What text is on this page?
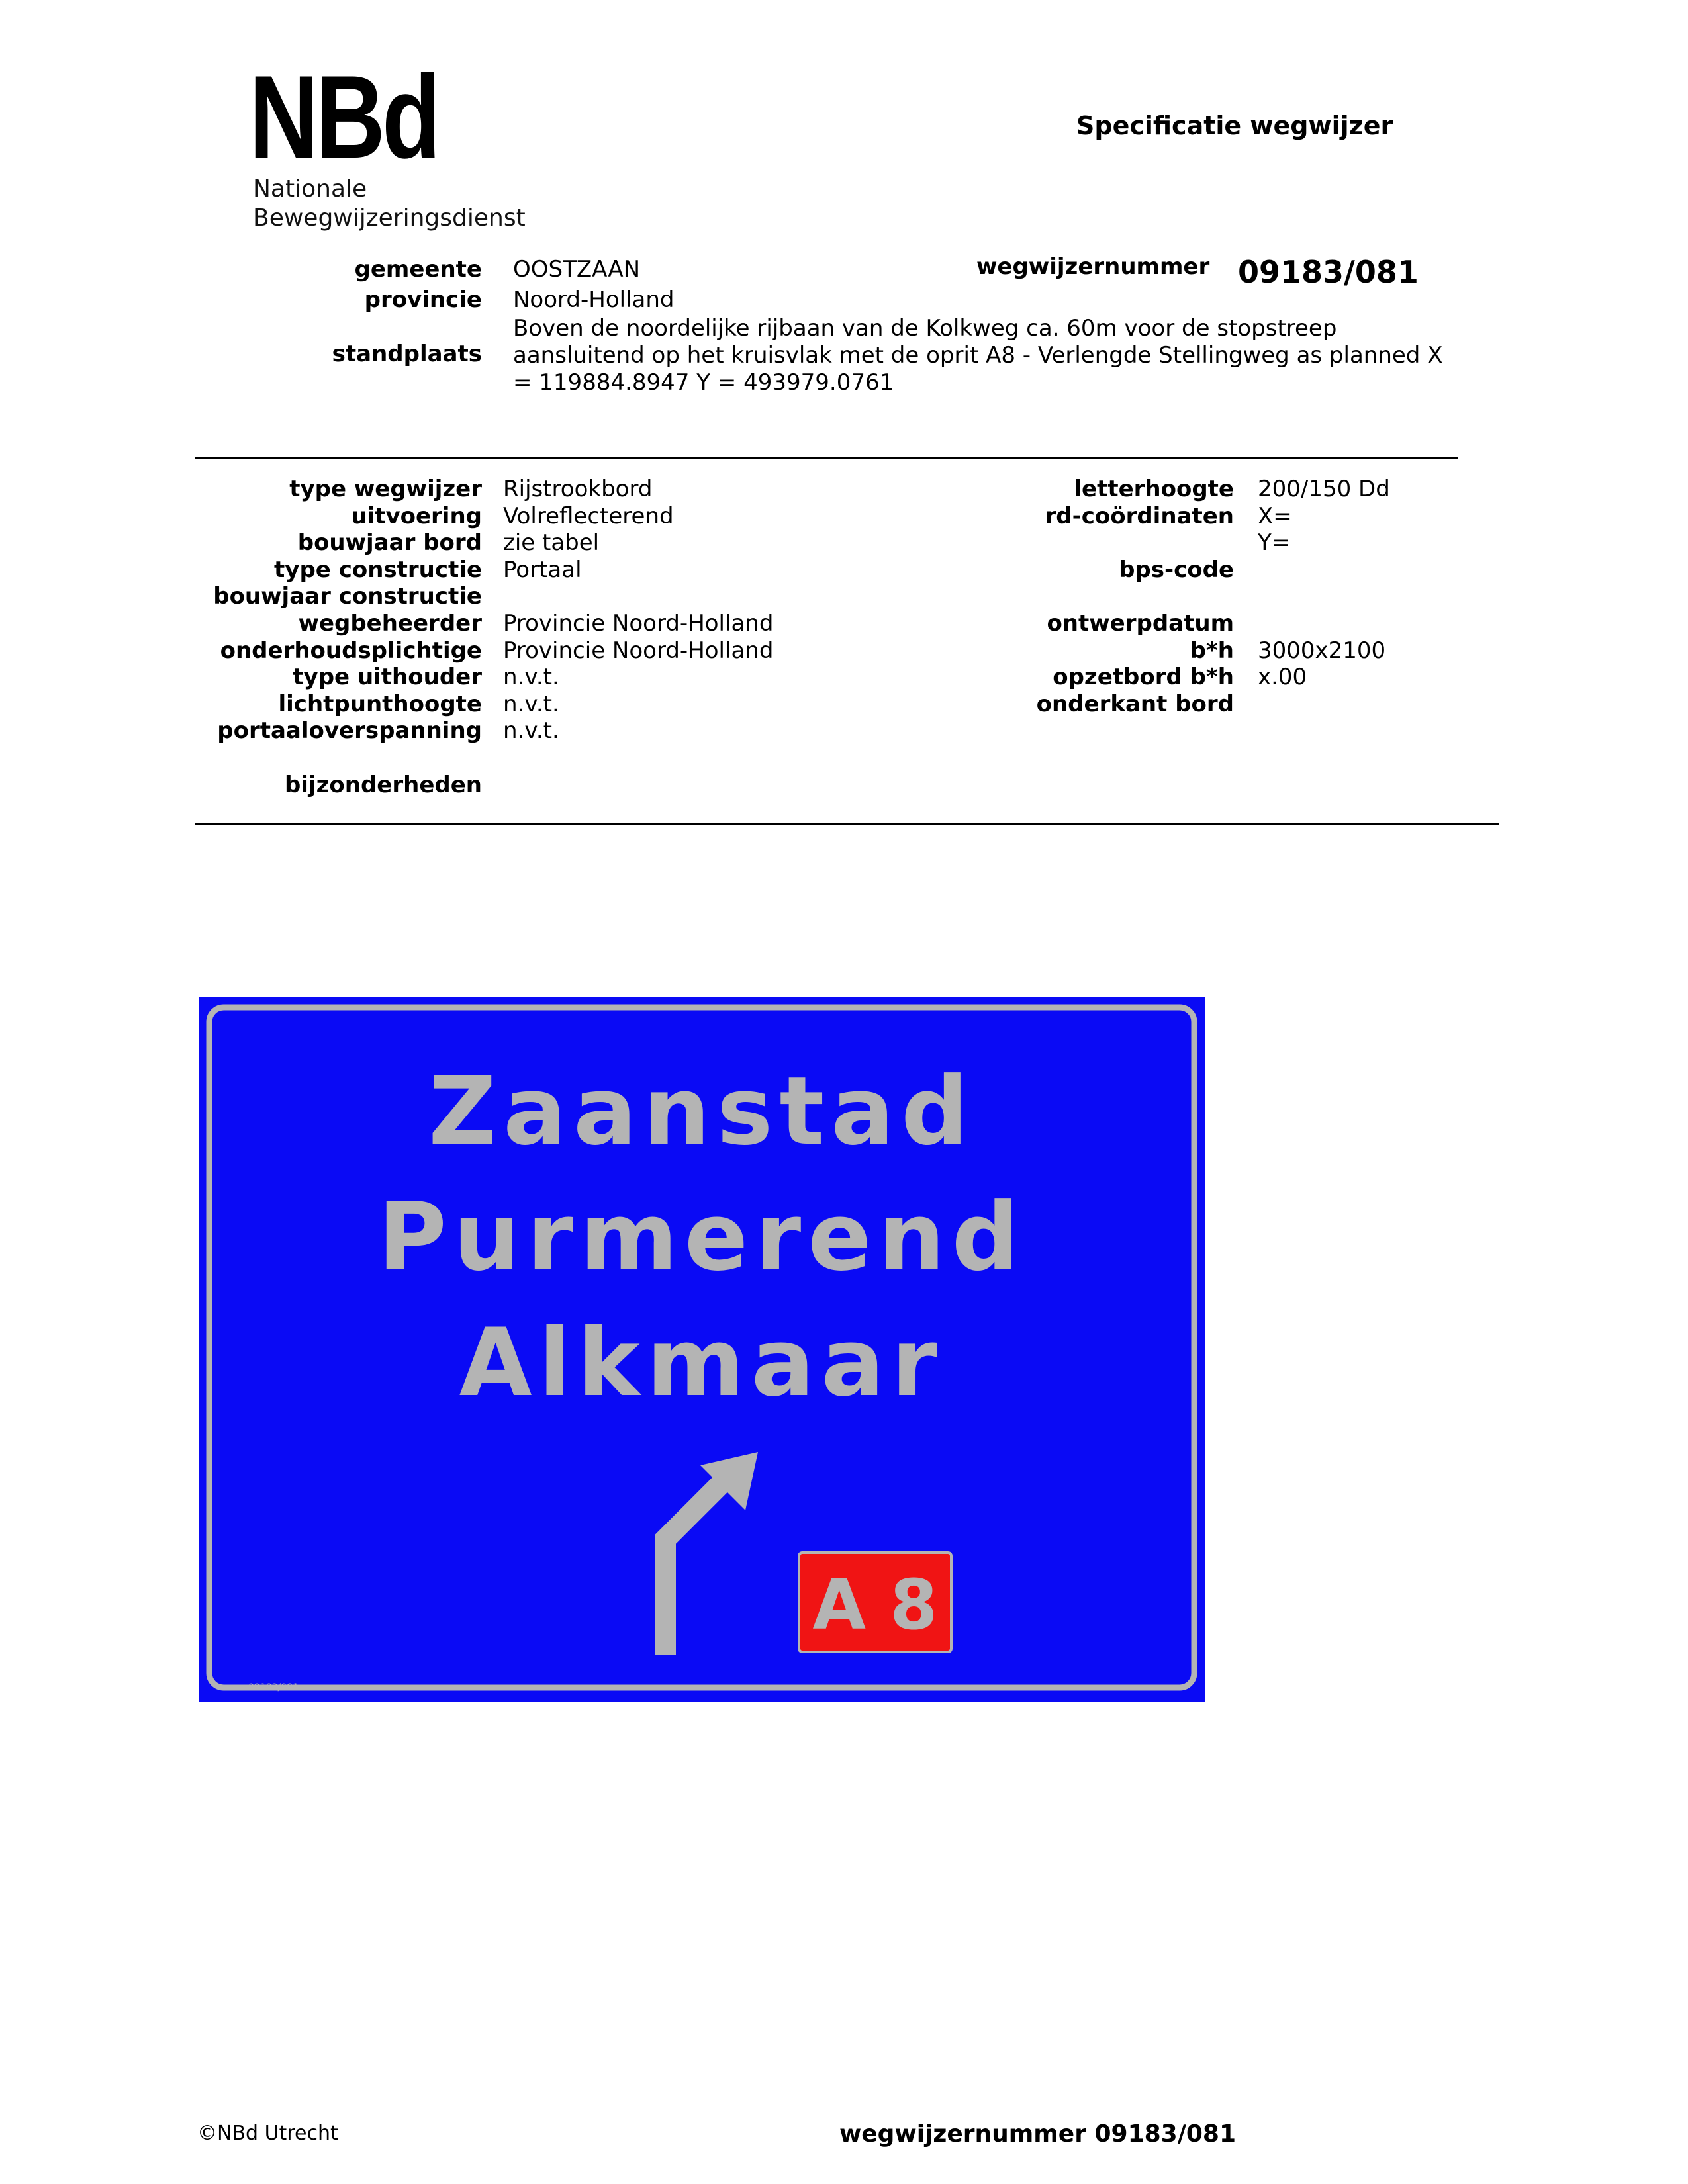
NBd
Nationale
Bewegwijzeringsdienst
Specificatie wegwijzer
gemeente OOSTZAAN	wegwijzernummer 09183/081
provincie Noord-Holland
standplaats
Boven de noordelijke rijbaan van de Kolkweg ca. 60m voor de stopstreep aansluitend op het kruisvlak met de oprit A8 - Verlengde Stellingweg as planned X = 119884.8947 Y = 493979.0761
type wegwijzer Rijstrookbord
uitvoering Volreflecterend
bouwjaar bord zie tabel
type constructie Portaal
bouwjaar constructie
wegbeheerder Provincie Noord-Holland
onderhoudsplichtige Provincie Noord-Holland
type uithouder n.v.t.
lichtpunthoogte n.v.t.
portaaloverspanning n.v.t.
bijzonderheden
letterhoogte 200/150 Dd
rd-coördinaten X=
Y=
bps-code
ontwerpdatum
b*h 3000x2100
opzetbord b*h x.00
onderkant bord
Zaanstad
Purmerend
Alkmaar
A 8
09183/081
©NBd Utrecht	wegwijzernummer 09183/081
